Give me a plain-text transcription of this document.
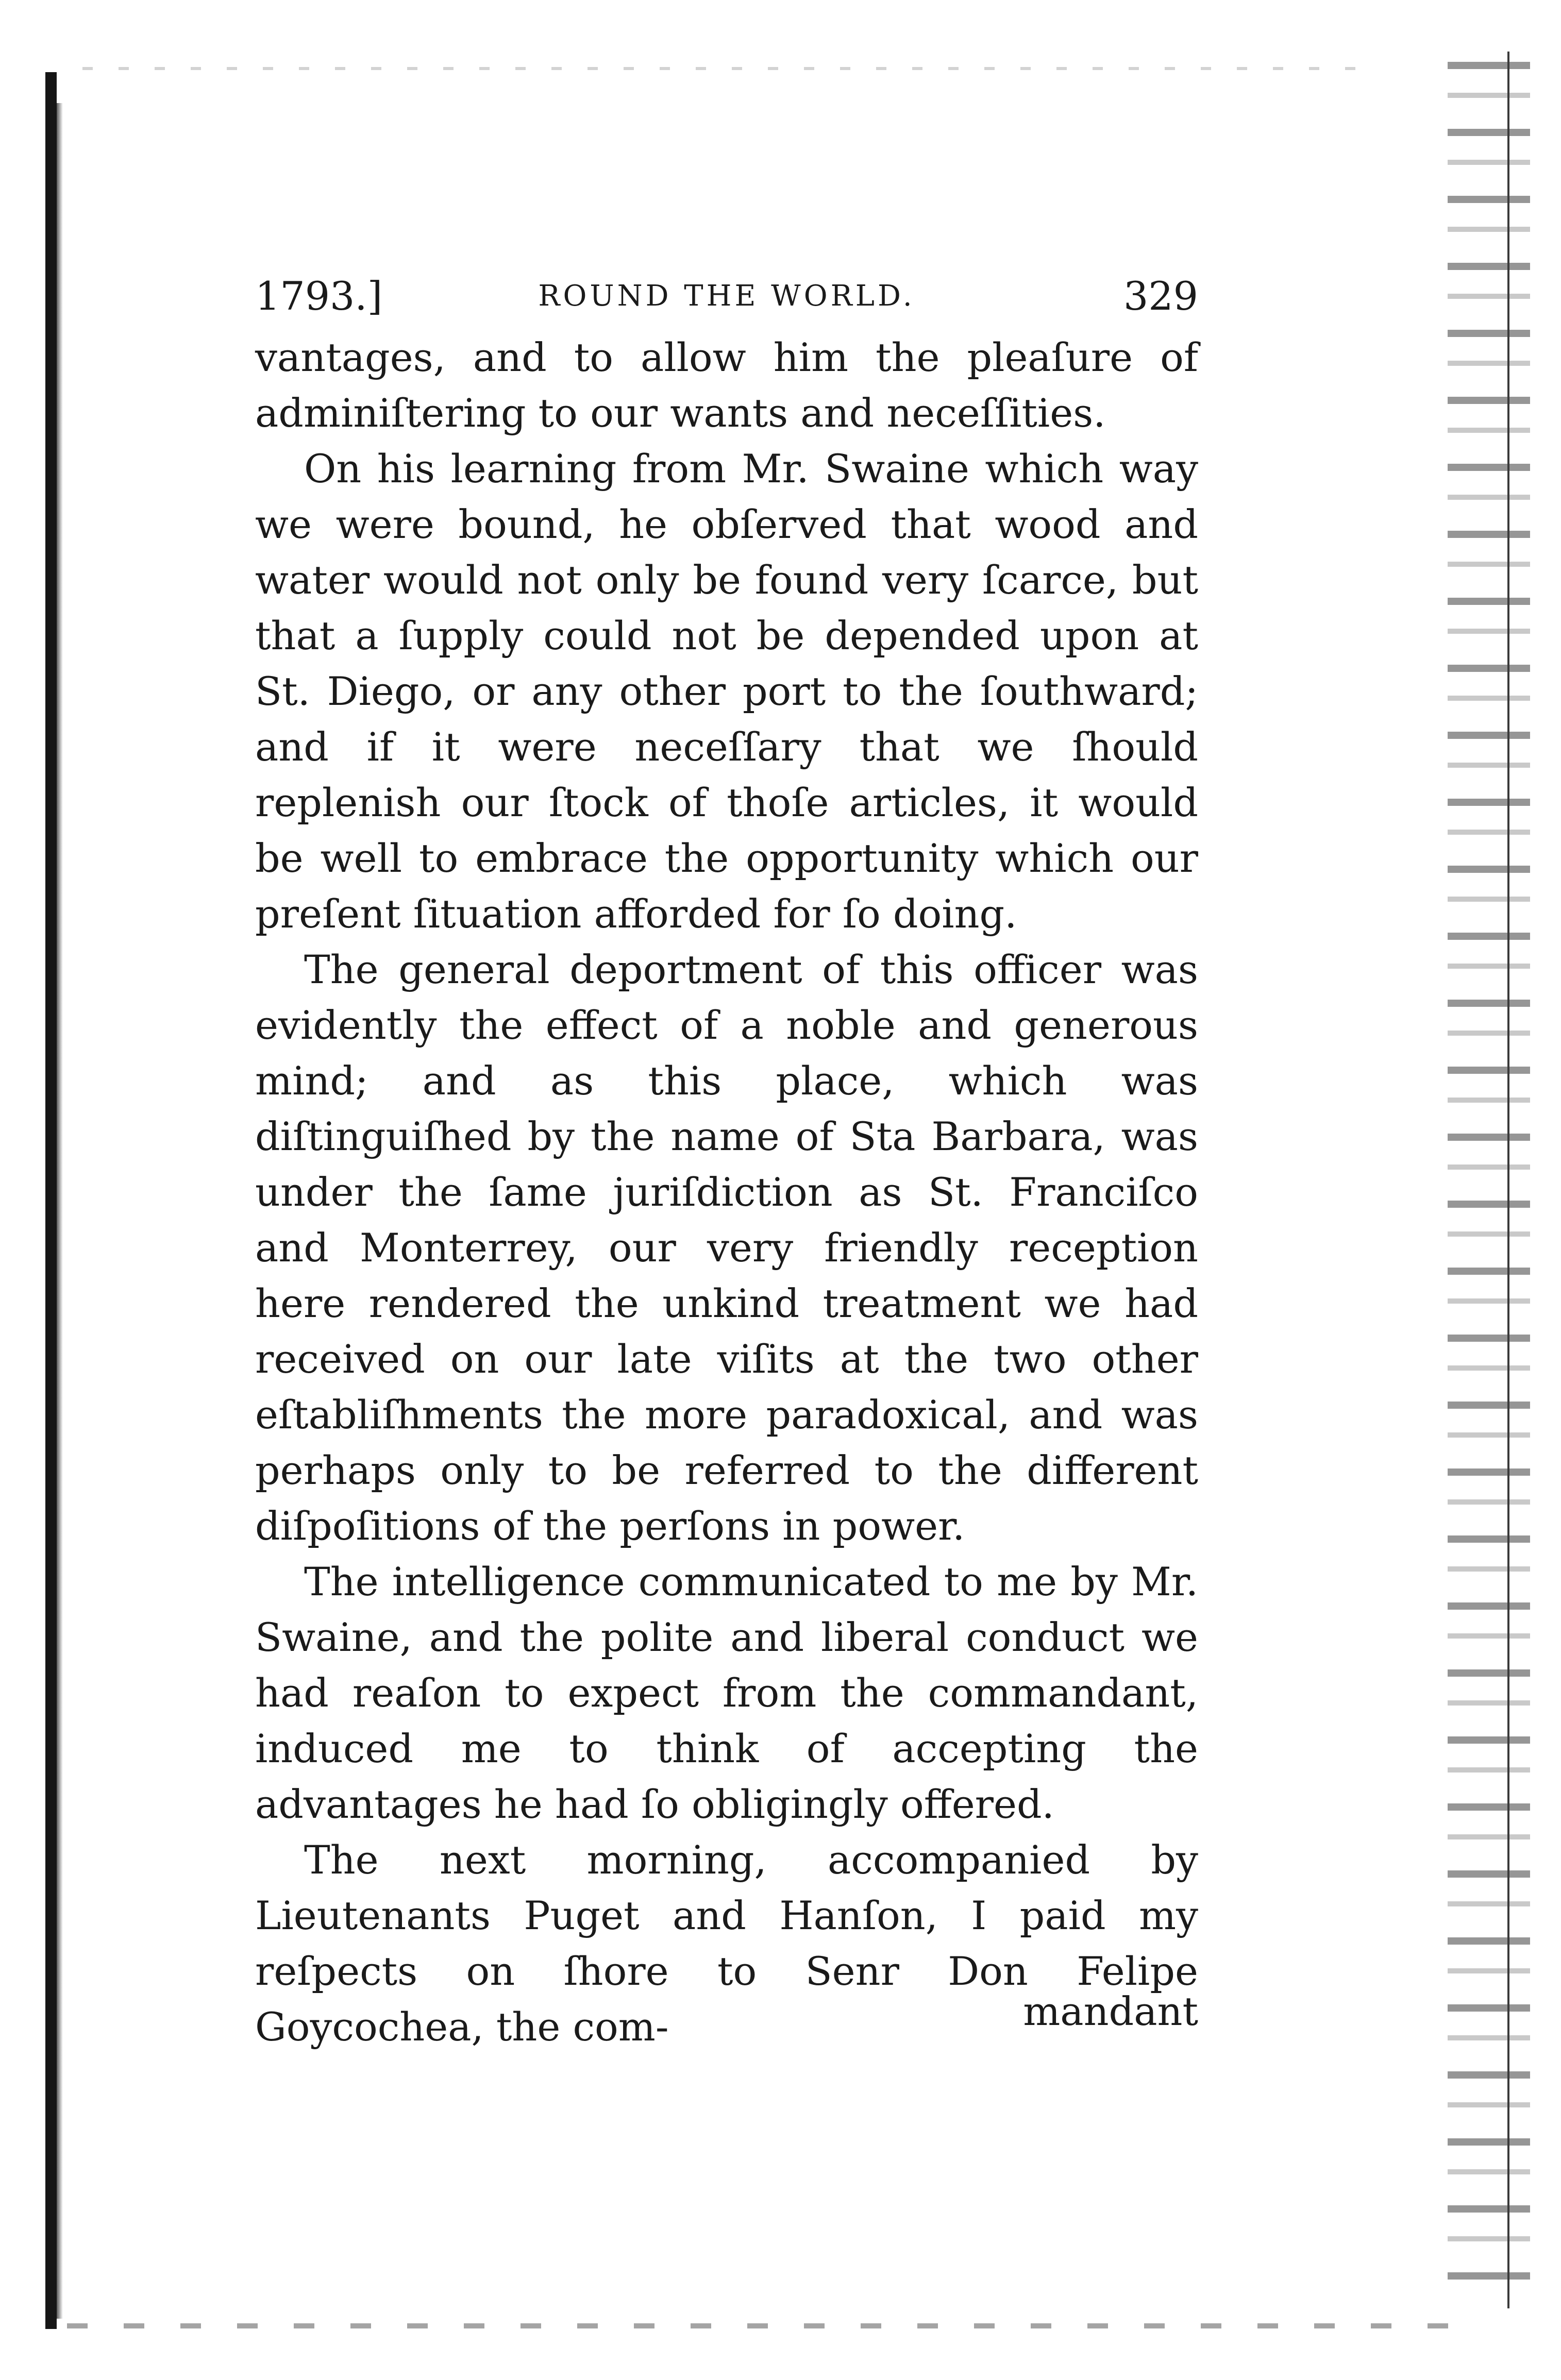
1793.]	ROUND THE WORLD.	329

vantages, and to allow him the pleaſure of adminiſtering to our wants and neceſſities.

On his learning from Mr. Swaine which way we were bound, he obſerved that wood and water would not only be found very ſcarce, but that a ſupply could not be depended upon at St. Diego, or any other port to the ſouthward; and if it were neceſſary that we ſhould replenish our ſtock of thoſe articles, it would be well to embrace the opportunity which our preſent ſituation afforded for ſo doing.

The general deportment of this officer was evidently the effect of a noble and generous mind; and as this place, which was diſtinguiſhed by the name of Sta Barbara, was under the ſame juriſdiction as St. Franciſco and Monterrey, our very friendly reception here rendered the unkind treatment we had received on our late viſits at the two other eſtabliſhments the more paradoxical, and was perhaps only to be referred to the different diſpoſitions of the perſons in power.

The intelligence communicated to me by Mr. Swaine, and the polite and liberal conduct we had reaſon to expect from the commandant, induced me to think of accepting the advantages he had ſo obligingly offered.

The next morning, accompanied by Lieutenants Puget and Hanſon, I paid my reſpects on ſhore to Senr Don Felipe Goycochea, the com-	mandant
